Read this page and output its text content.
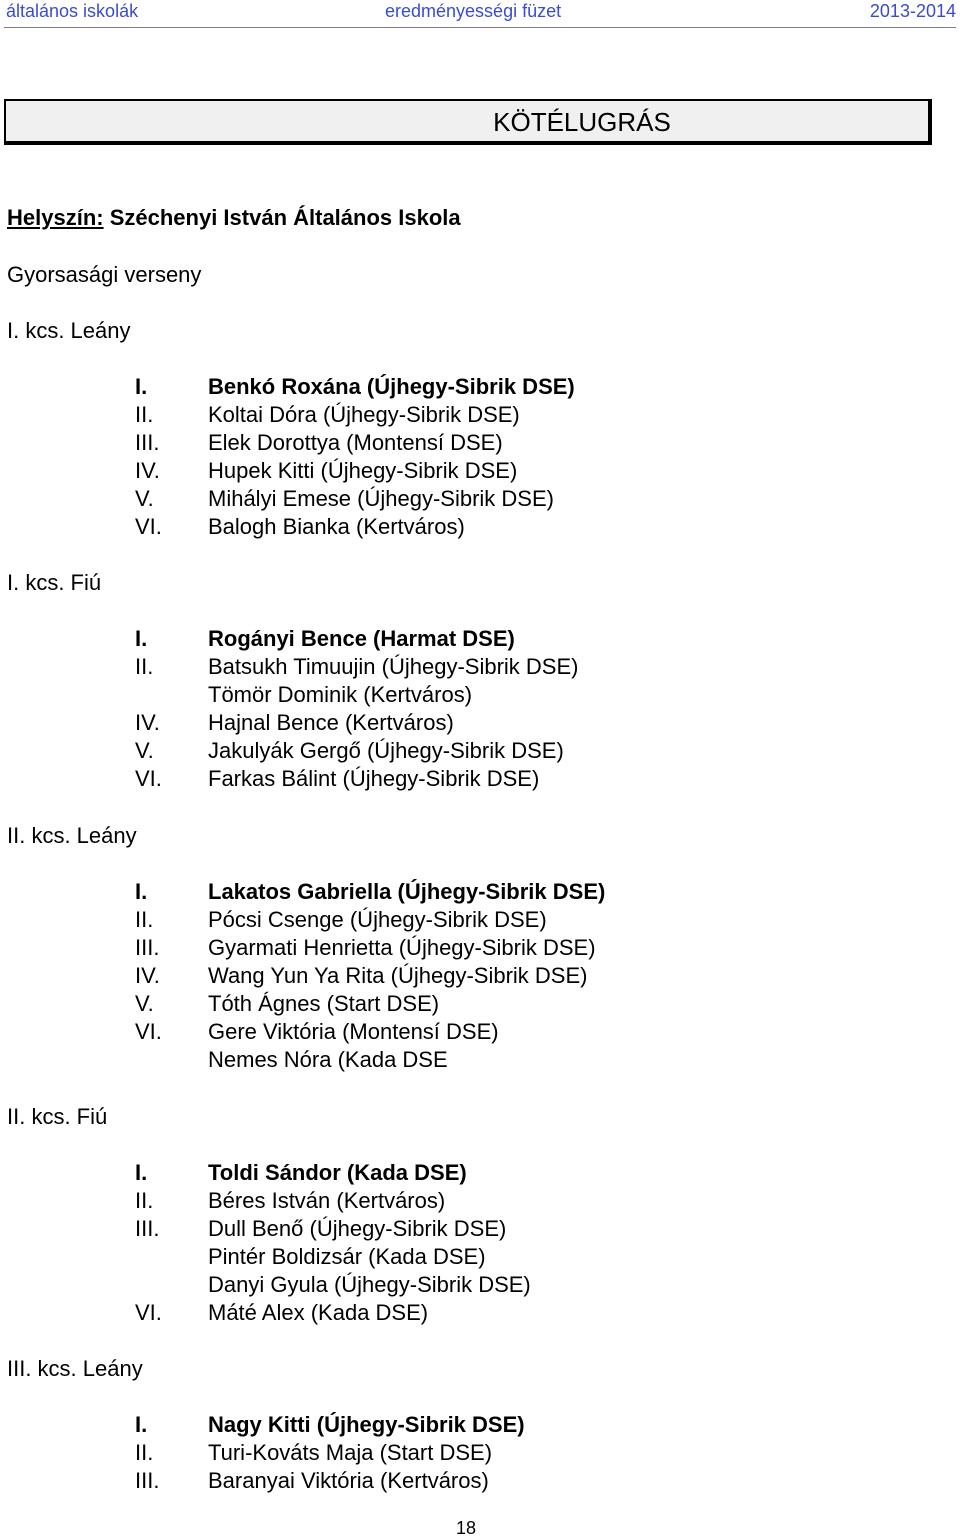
általános iskolák	eredményességi füzet	2013-2014
KÖTÉLUGRÁS
Helyszín: Széchenyi István Általános Iskola
Gyorsasági verseny
I. kcs. Leány
I.	Benkó Roxána (Újhegy-Sibrik DSE)
II. Koltai Dóra (Újhegy-Sibrik DSE)
III. Elek Dorottya (Montensí DSE)
IV. Hupek Kitti (Újhegy-Sibrik DSE)
V. Mihályi Emese (Újhegy-Sibrik DSE)
VI. Balogh Bianka (Kertváros)
I. kcs. Fiú
I.	Rogányi Bence (Harmat DSE)
II. Batsukh Timuujin (Újhegy-Sibrik DSE)
Tömör Dominik (Kertváros)
IV. Hajnal Bence (Kertváros)
V. Jakulyák Gergő (Újhegy-Sibrik DSE)
VI. Farkas Bálint (Újhegy-Sibrik DSE)
II. kcs. Leány
I.	Lakatos Gabriella (Újhegy-Sibrik DSE)
II. Pócsi Csenge (Újhegy-Sibrik DSE)
III. Gyarmati Henrietta (Újhegy-Sibrik DSE)
IV. Wang Yun Ya Rita (Újhegy-Sibrik DSE)
V. Tóth Ágnes (Start DSE)
VI. Gere Viktória (Montensí DSE)
Nemes Nóra (Kada DSE
II. kcs. Fiú
I.	Toldi Sándor (Kada DSE)
II. Béres István (Kertváros)
III. Dull Benő (Újhegy-Sibrik DSE)
Pintér Boldizsár (Kada DSE)
Danyi Gyula (Újhegy-Sibrik DSE)
VI. Máté Alex (Kada DSE)
III. kcs. Leány
I.	Nagy Kitti (Újhegy-Sibrik DSE)
II. Turi-Kováts Maja (Start DSE)
III. Baranyai Viktória (Kertváros)
18
